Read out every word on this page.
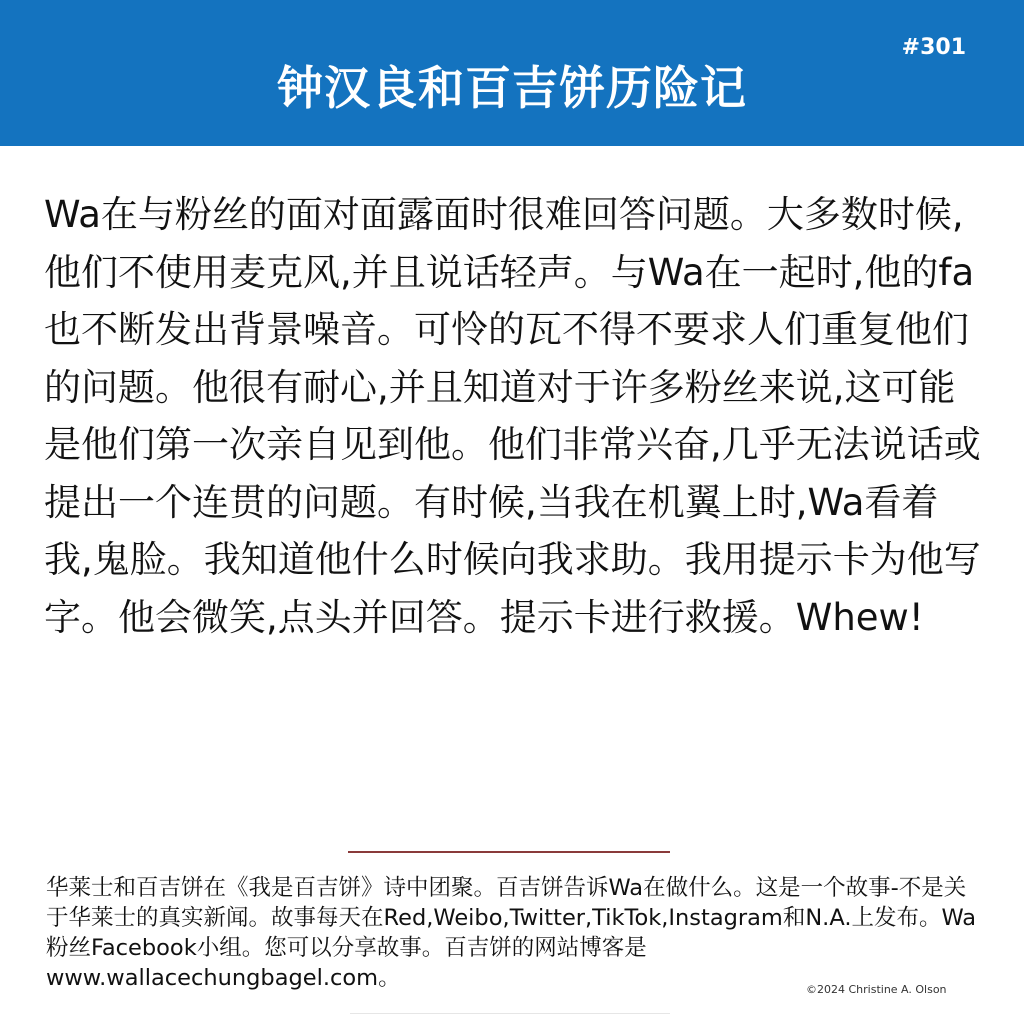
钟汉良和百吉饼历险记
#301

Wa在与粉丝的面对面露面时很难回答问题。大多数时候,他们不使用麦克风,并且说话轻声。与Wa在一起时,他的fa也不断发出背景噪音。可怜的瓦不得不要求人们重复他们的问题。他很有耐心,并且知道对于许多粉丝来说,这可能是他们第一次亲自见到他。他们非常兴奋,几乎无法说话或提出一个连贯的问题。有时候,当我在机翼上时,Wa看着我,鬼脸。我知道他什么时候向我求助。我用提示卡为他写字。他会微笑,点头并回答。提示卡进行救援。Whew!

华莱士和百吉饼在《我是百吉饼》诗中团聚。百吉饼告诉Wa在做什么。这是一个故事-不是关于华莱士的真实新闻。故事每天在Red,Weibo,Twitter,TikTok,Instagram和N.A.上发布。Wa粉丝Facebook小组。您可以分享故事。百吉饼的网站博客是www.wallacechungbagel.com。	©2024 Christine A. Olson
